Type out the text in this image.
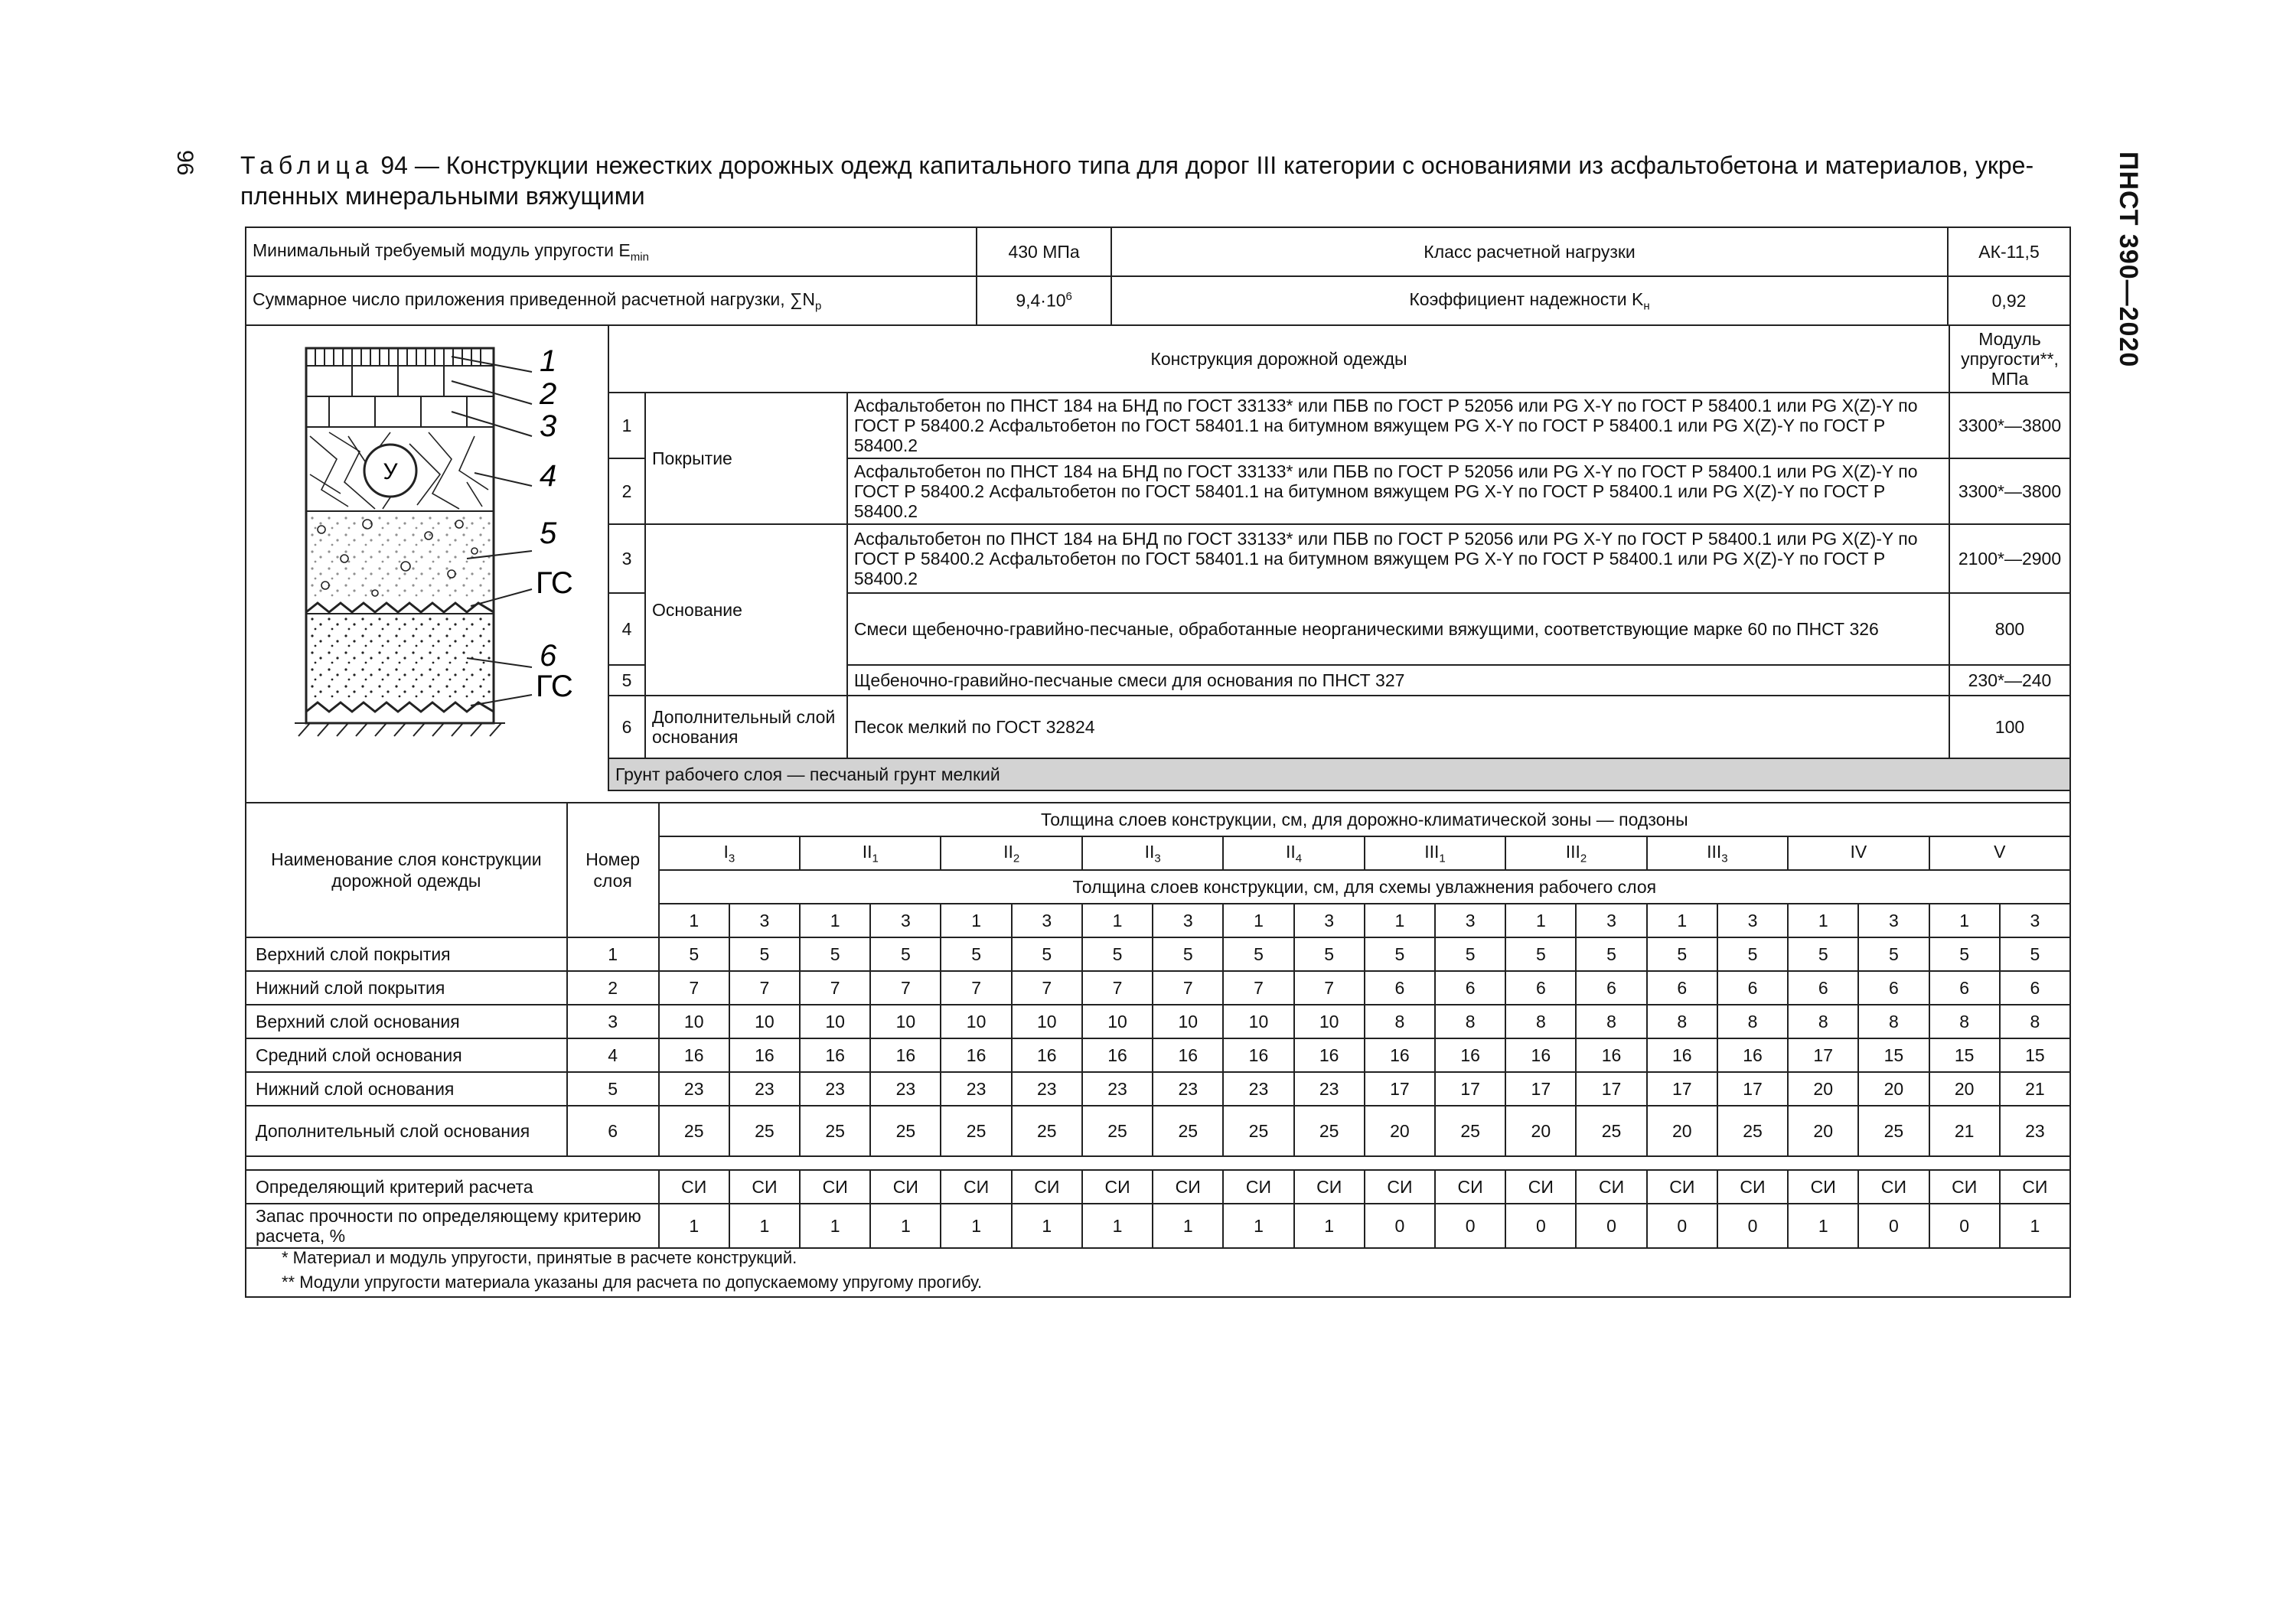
96	ПНСТ 390—2020
Таблица 94 — Конструкции нежестких дорожных одежд капитального типа для дорог III категории с основаниями из асфальтобетона и материалов, укре-
пленных минеральными вяжущими
Минимальный требуемый модуль упругости $E_{min}$	430 МПа	Класс расчетной нагрузки	АК-11,5
Суммарное число приложения приведенной расчетной нагрузки, $\sum N_р$	$9,4\cdot 10^6$	Коэффициент надежности $K_н$	0,92
У
1
2
3
4
5
ГС
6
ГС
Конструкция дорожной одежды			Модуль упругости**, МПа
1	Покрытие	Асфальтобетон по ПНСТ 184 на БНД по ГОСТ 33133* или ПБВ по ГОСТ Р 52056 или PG X-Y по ГОСТ Р 58400.1 или PG X(Z)-Y по ГОСТ Р 58400.2 Асфальтобетон по ГОСТ 58401.1 на битумном вяжущем PG X-Y по ГОСТ Р 58400.1 или PG X(Z)-Y по ГОСТ Р 58400.2	3300*—3800
2		Асфальтобетон по ПНСТ 184 на БНД по ГОСТ 33133* или ПБВ по ГОСТ Р 52056 или PG X-Y по ГОСТ Р 58400.1 или PG X(Z)-Y по ГОСТ Р 58400.2 Асфальтобетон по ГОСТ 58401.1 на битумном вяжущем PG X-Y по ГОСТ Р 58400.1 или PG X(Z)-Y по ГОСТ Р 58400.2	3300*—3800
3	Основание	Асфальтобетон по ПНСТ 184 на БНД по ГОСТ 33133* или ПБВ по ГОСТ Р 52056 или PG X-Y по ГОСТ Р 58400.1 или PG X(Z)-Y по ГОСТ Р 58400.2 Асфальтобетон по ГОСТ 58401.1 на битумном вяжущем PG X-Y по ГОСТ Р 58400.1 или PG X(Z)-Y по ГОСТ Р 58400.2	2100*—2900
4		Смеси щебеночно-гравийно-песчаные, обработанные неорганическими вяжущими, соответствующие марке 60 по ПНСТ 326	800
5		Щебеночно-гравийно-песчаные смеси для основания по ПНСТ 327	230*—240
6	Дополнительный слой основания	Песок мелкий по ГОСТ 32824	100
Грунт рабочего слоя — песчаный грунт мелкий			
Наименование слоя конструкции дорожной одежды	Номер слоя	Толщина слоев конструкции, см, для дорожно-климатической зоны — подзоны																			
		$I_3$		$II_1$		$II_2$		$II_3$		$II_4$		$III_1$		$III_2$		$III_3$		IV		V	
		Толщина слоев конструкции, см, для схемы увлажнения рабочего слоя																			
		1	3	1	3	1	3	1	3	1	3	1	3	1	3	1	3	1	3	1	3
Верхний слой покрытия	1	5	5	5	5	5	5	5	5	5	5	5	5	5	5	5	5	5	5	5	5
Нижний слой покрытия	2	7	7	7	7	7	7	7	7	7	7	6	6	6	6	6	6	6	6	6	6
Верхний слой основания	3	10	10	10	10	10	10	10	10	10	10	8	8	8	8	8	8	8	8	8	8
Средний слой основания	4	16	16	16	16	16	16	16	16	16	16	16	16	16	16	16	16	17	15	15	15
Нижний слой основания	5	23	23	23	23	23	23	23	23	23	23	17	17	17	17	17	17	20	20	20	21
Дополнительный слой основания	6	25	25	25	25	25	25	25	25	25	25	20	25	20	25	20	25	20	25	21	23

Определяющий критерий расчета		СИ	СИ	СИ	СИ	СИ	СИ	СИ	СИ	СИ	СИ	СИ	СИ	СИ	СИ	СИ	СИ	СИ	СИ	СИ	СИ
Запас прочности по определяющему критерию расчета, %		1	1	1	1	1	1	1	1	1	1	0	0	0	0	0	0	1	0	0	1
* Материал и модуль упругости, принятые в расчете конструкций.
** Модули упругости материала указаны для расчета по допускаемому упругому прогибу.
